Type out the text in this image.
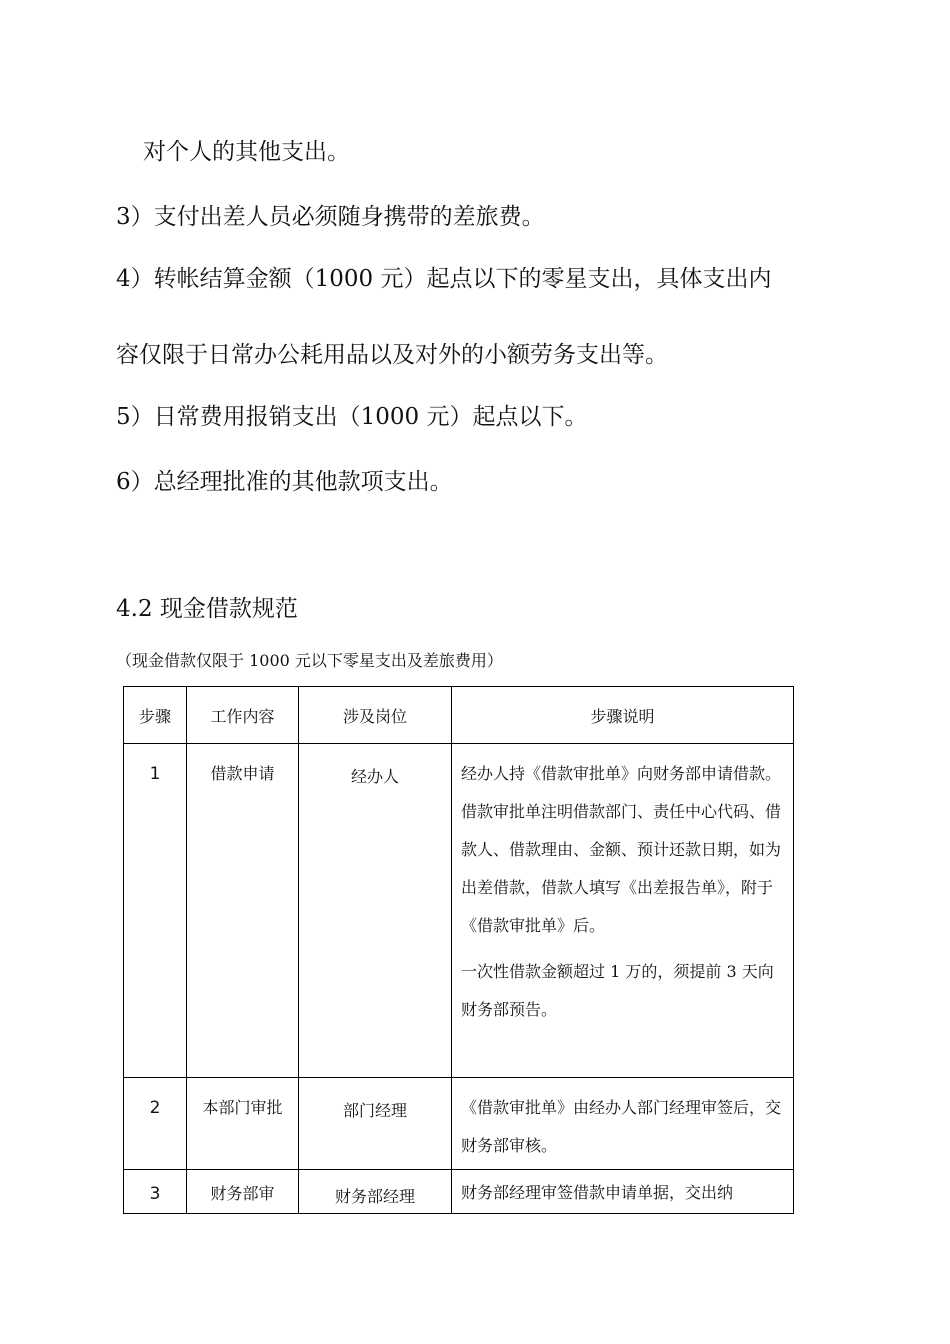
对个人的其他支出。
3）支付出差人员必须随身携带的差旅费。
4）转帐结算金额（1000 元）起点以下的零星支出，具体支出内
容仅限于日常办公耗用品以及对外的小额劳务支出等。
5）日常费用报销支出（1000 元）起点以下。
6）总经理批准的其他款项支出。
4.2 现金借款规范
（现金借款仅限于 1000 元以下零星支出及差旅费用）
步骤	工作内容	涉及岗位	步骤说明
1	借款申请	经办人	经办人持《借款审批单》向财务部申请借款。借款审批单注明借款部门、责任中心代码、借款人、借款理由、金额、预计还款日期，如为出差借款，借款人填写《出差报告单》，附于《借款审批单》后。

一次性借款金额超过 1 万的，须提前 3 天向财务部预告。

2	本部门审批	部门经理	《借款审批单》由经办人部门经理审签后，交财务部审核。

3	财务部审	财务部经理	财务部经理审签借款申请单据，交出纳
